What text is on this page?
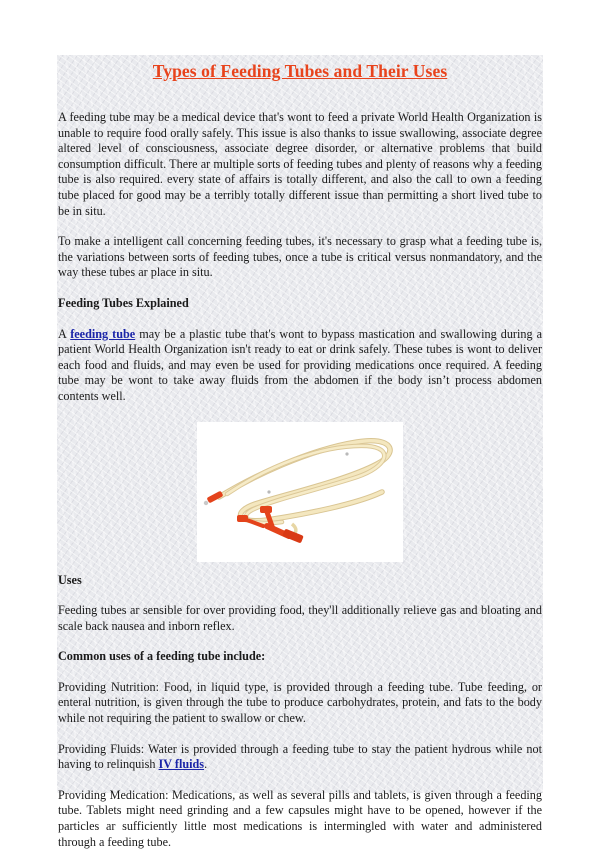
Types of Feeding Tubes and Their Uses

A feeding tube may be a medical device that's wont to feed a private World Health Organization is unable to require food orally safely. This issue is also thanks to issue swallowing, associate degree altered level of consciousness, associate degree disorder, or alternative problems that build consumption difficult. There ar multiple sorts of feeding tubes and plenty of reasons why a feeding tube is also required. every state of affairs is totally different, and also the call to own a feeding tube placed for good may be a terribly totally different issue than permitting a short lived tube to be in situ.

To make a intelligent call concerning feeding tubes, it's necessary to grasp what a feeding tube is, the variations between sorts of feeding tubes, once a tube is critical versus nonmandatory, and the way these tubes ar place in situ.

Feeding Tubes Explained

A feeding tube may be a plastic tube that's wont to bypass mastication and swallowing during a patient World Health Organization isn't ready to eat or drink safely. These tubes is wont to deliver each food and fluids, and may even be used for providing medications once required. A feeding tube may be wont to take away fluids from the abdomen if the body isn’t process abdomen contents well.

Uses

Feeding tubes ar sensible for over providing food, they'll additionally relieve gas and bloating and scale back nausea and inborn reflex.

Common uses of a feeding tube include:

Providing Nutrition: Food, in liquid type, is provided through a feeding tube. Tube feeding, or enteral nutrition, is given through the tube to produce carbohydrates, protein, and fats to the body while not requiring the patient to swallow or chew.

Providing Fluids: Water is provided through a feeding tube to stay the patient hydrous while not having to relinquish IV fluids.

Providing Medication: Medications, as well as several pills and tablets, is given through a feeding tube. Tablets might need grinding and a few capsules might have to be opened, however if the particles ar sufficiently little most medications is intermingled with water and administered through a feeding tube.
